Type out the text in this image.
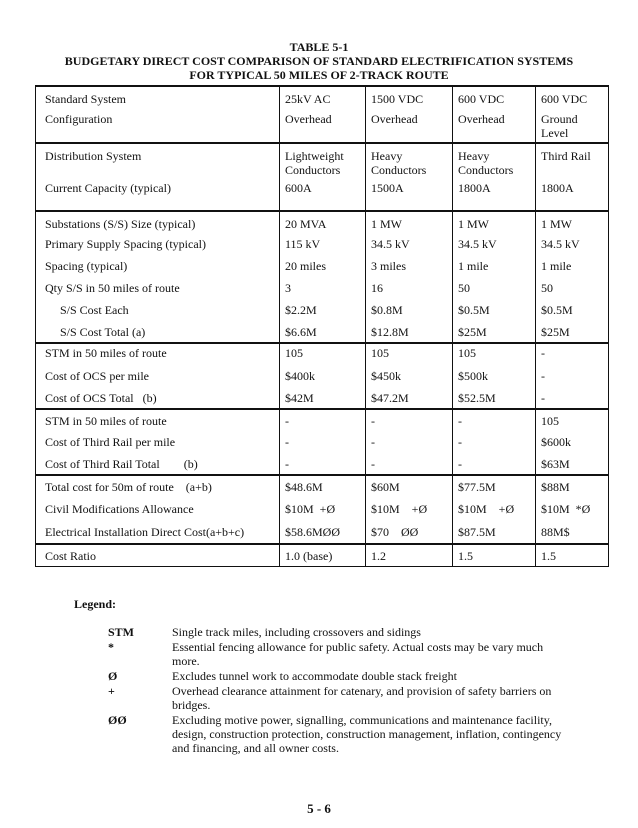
TABLE 5-1
BUDGETARY DIRECT COST COMPARISON OF STANDARD ELECTRIFICATION SYSTEMS
FOR TYPICAL 50 MILES OF 2-TRACK ROUTE
Standard System	25kV AC	1500 VDC	600 VDC	600 VDC
Configuration	Overhead	Overhead	Overhead	Ground Level
Distribution System	Lightweight Conductors	Heavy Conductors	Heavy Conductors	Third Rail
Current Capacity (typical)	600A	1500A	1800A	1800A
Substations (S/S) Size (typical)	20 MVA	1 MW	1 MW	1 MW
Primary Supply Spacing (typical)	115 kV	34.5 kV	34.5 kV	34.5 kV
Spacing (typical)	20 miles	3 miles	1 mile	1 mile
Qty S/S in 50 miles of route	3	16	50	50
S/S Cost Each	$2.2M	$0.8M	$0.5M	$0.5M
S/S Cost Total (a)	$6.6M	$12.8M	$25M	$25M
STM in 50 miles of route	105	105	105	-
Cost of OCS per mile	$400k	$450k	$500k	-
Cost of OCS Total   (b)	$42M	$47.2M	$52.5M	-
STM in 50 miles of route	-	-	-	105
Cost of Third Rail per mile	-	-	-	$600k
Cost of Third Rail Total        (b)	-	-	-	$63M
Total cost for 50m of route    (a+b)	$48.6M	$60M	$77.5M	$88M
Civil Modifications Allowance	$10M  +Ø	$10M    +Ø	$10M    +Ø	$10M  *Ø
Electrical Installation Direct Cost(a+b+c)	$58.6MØØ	$70    ØØ	$87.5M	88M$
Cost Ratio	1.0 (base)	1.2	1.5	1.5
Legend:
STM	Single track miles, including crossovers and sidings
*	Essential fencing allowance for public safety. Actual costs may be vary much more.
Ø	Excludes tunnel work to accommodate double stack freight
+	Overhead clearance attainment for catenary, and provision of safety barriers on bridges.
ØØ	Excluding motive power, signalling, communications and maintenance facility, design, construction protection, construction management, inflation, contingency and financing, and all owner costs.
5 - 6
